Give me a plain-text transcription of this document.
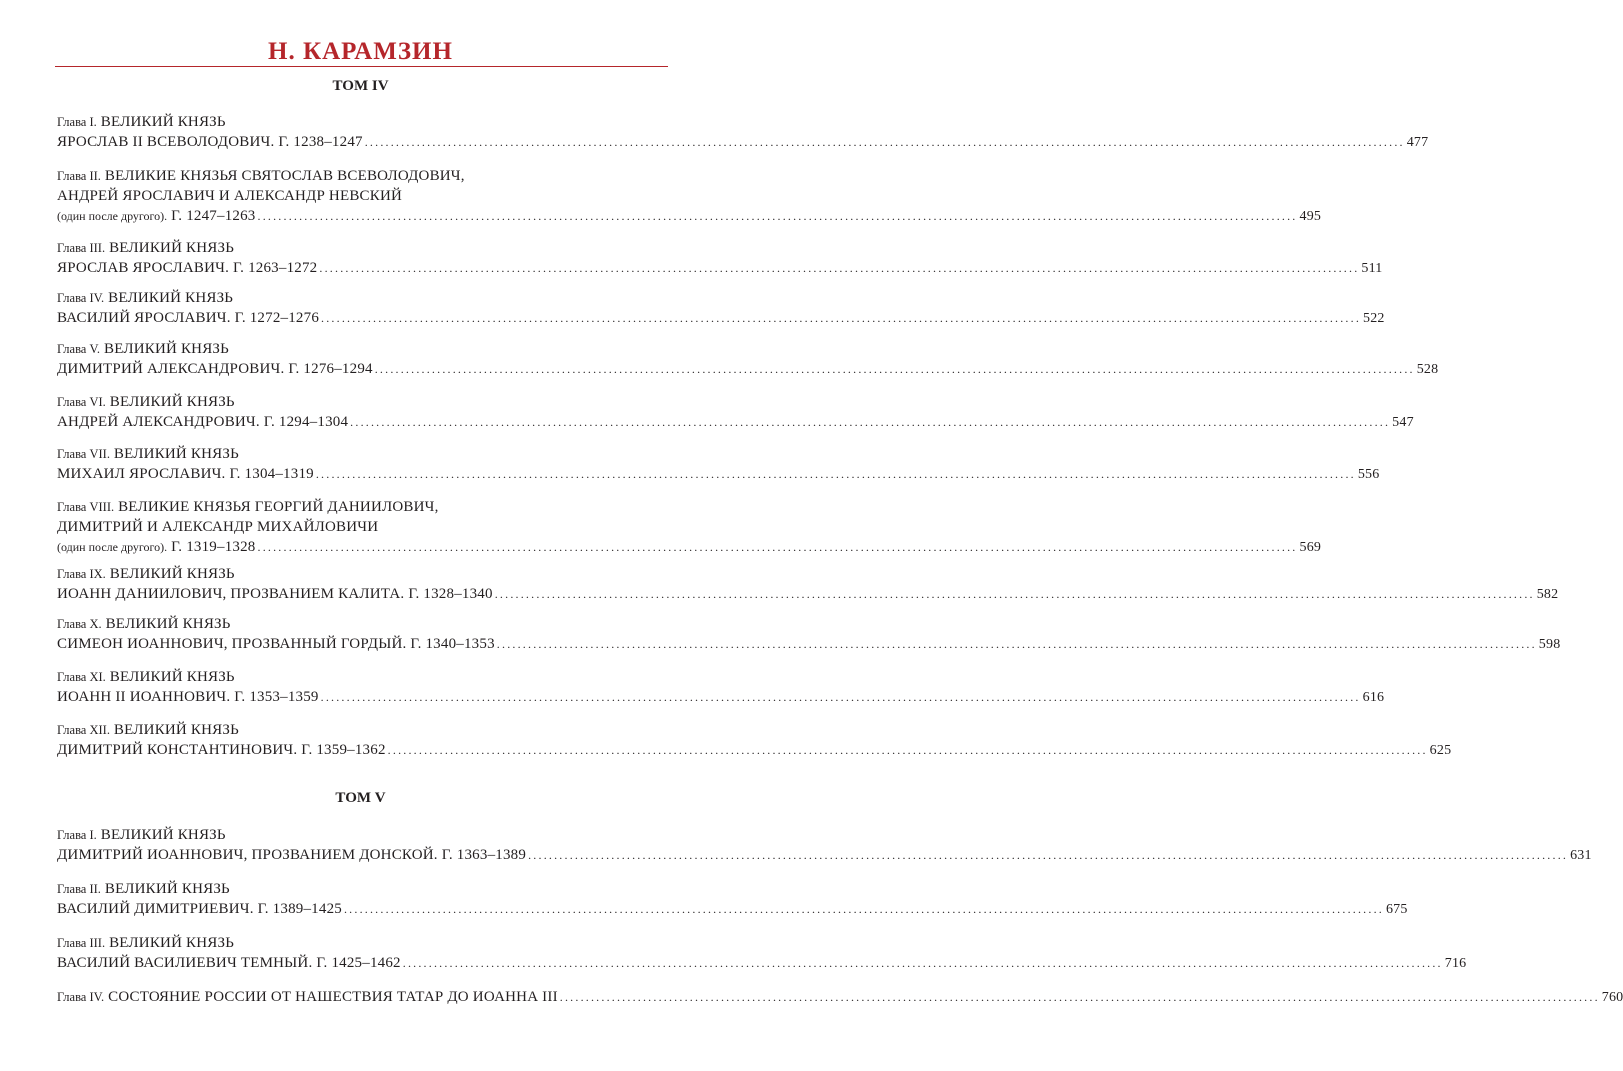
Н. КАРАМЗИН
ТОМ IV
Глава I. ВЕЛИКИЙ КНЯЗЬ
ЯРОСЛАВ II ВСЕВОЛОДОВИЧ. Г. 1238–1247 ........................................................................................................................................................................................................ 477
Глава II. ВЕЛИКИЕ КНЯЗЬЯ СВЯТОСЛАВ ВСЕВОЛОДОВИЧ,
АНДРЕЙ ЯРОСЛАВИЧ И АЛЕКСАНДР НЕВСКИЙ
(один после другого). Г. 1247–1263 ........................................................................................................................................................................................................ 495
Глава III. ВЕЛИКИЙ КНЯЗЬ
ЯРОСЛАВ ЯРОСЛАВИЧ. Г. 1263–1272 ........................................................................................................................................................................................................ 511
Глава IV. ВЕЛИКИЙ КНЯЗЬ
ВАСИЛИЙ ЯРОСЛАВИЧ. Г. 1272–1276 ........................................................................................................................................................................................................ 522
Глава V. ВЕЛИКИЙ КНЯЗЬ
ДИМИТРИЙ АЛЕКСАНДРОВИЧ. Г. 1276–1294 ........................................................................................................................................................................................................ 528
Глава VI. ВЕЛИКИЙ КНЯЗЬ
АНДРЕЙ АЛЕКСАНДРОВИЧ. Г. 1294–1304 ........................................................................................................................................................................................................ 547
Глава VII. ВЕЛИКИЙ КНЯЗЬ
МИХАИЛ ЯРОСЛАВИЧ. Г. 1304–1319 ........................................................................................................................................................................................................ 556
Глава VIII. ВЕЛИКИЕ КНЯЗЬЯ ГЕОРГИЙ ДАНИИЛОВИЧ,
ДИМИТРИЙ И АЛЕКСАНДР МИХАЙЛОВИЧИ
(один после другого). Г. 1319–1328 ........................................................................................................................................................................................................ 569
Глава IX. ВЕЛИКИЙ КНЯЗЬ
ИОАНН ДАНИИЛОВИЧ, ПРОЗВАНИЕМ КАЛИТА. Г. 1328–1340 ........................................................................................................................................................................................................ 582
Глава X. ВЕЛИКИЙ КНЯЗЬ
СИМЕОН ИОАННОВИЧ, ПРОЗВАННЫЙ ГОРДЫЙ. Г. 1340–1353 ........................................................................................................................................................................................................ 598
Глава XI. ВЕЛИКИЙ КНЯЗЬ
ИОАНН II ИОАННОВИЧ. Г. 1353–1359 ........................................................................................................................................................................................................ 616
Глава XII. ВЕЛИКИЙ КНЯЗЬ
ДИМИТРИЙ КОНСТАНТИНОВИЧ. Г. 1359–1362 ........................................................................................................................................................................................................ 625
ТОМ V
Глава I. ВЕЛИКИЙ КНЯЗЬ
ДИМИТРИЙ ИОАННОВИЧ, ПРОЗВАНИЕМ ДОНСКОЙ. Г. 1363–1389 ........................................................................................................................................................................................................ 631
Глава II. ВЕЛИКИЙ КНЯЗЬ
ВАСИЛИЙ ДИМИТРИЕВИЧ. Г. 1389–1425 ........................................................................................................................................................................................................ 675
Глава III. ВЕЛИКИЙ КНЯЗЬ
ВАСИЛИЙ ВАСИЛИЕВИЧ ТЕМНЫЙ. Г. 1425–1462 ........................................................................................................................................................................................................ 716
Глава IV. СОСТОЯНИЕ РОССИИ ОТ НАШЕСТВИЯ ТАТАР ДО ИОАННА III ........................................................................................................................................................................................................ 760
